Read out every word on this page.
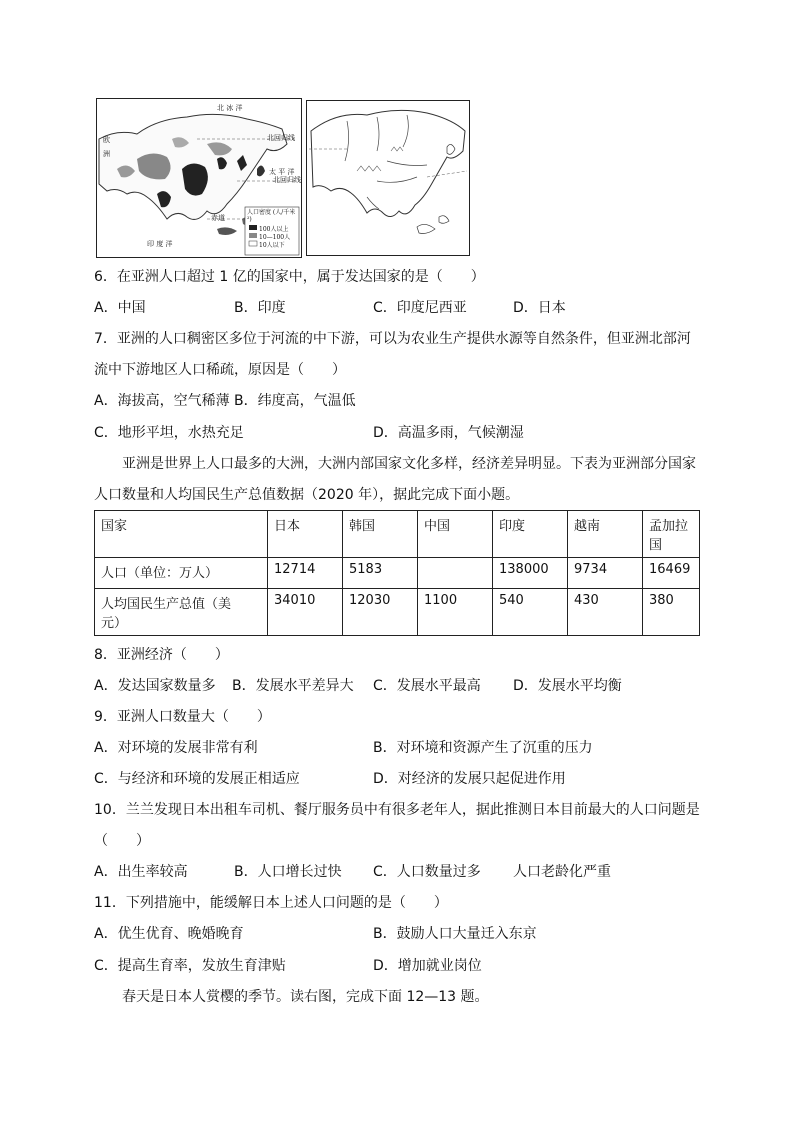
北 冰 洋
欧
洲
太 平 洋
印 度 洋
北回归线
赤道
北回归线
人口密度 (人/千米²)
100人以上
10—100人
10人以下
6．在亚洲人口超过 1 亿的国家中，属于发达国家的是（　　）
A．中国	B．印度	C．印度尼西亚	D．日本
7．亚洲的人口稠密区多位于河流的中下游，可以为农业生产提供水源等自然条件，但亚洲北部河
流中下游地区人口稀疏，原因是（　　）
A．海拔高，空气稀薄 B．纬度高，气温低
C．地形平坦，水热充足	D．高温多雨，气候潮湿
亚洲是世界上人口最多的大洲，大洲内部国家文化多样，经济差异明显。下表为亚洲部分国家
人口数量和人均国民生产总值数据（2020 年），据此完成下面小题。
国家	日本	韩国	中国	印度	越南	孟加拉国
人口（单位：万人）	12714	5183		138000	9734	16469
人均国民生产总值（美
元）	34010	12030	1100	540	430	380
8．亚洲经济（　　）
A．发达国家数量多 B．发展水平差异大 C．发展水平最高 D．发展水平均衡
9．亚洲人口数量大（　　）
A．对环境的发展非常有利	B．对环境和资源产生了沉重的压力
C．与经济和环境的发展正相适应	D．对经济的发展只起促进作用
10．兰兰发现日本出租车司机、餐厅服务员中有很多老年人，据此推测日本目前最大的人口问题是
（　　）
A．出生率较高	B．人口增长过快 C．人口数量过多 人口老龄化严重
11．下列措施中，能缓解日本上述人口问题的是（　　）
A．优生优育、晚婚晚育	B．鼓励人口大量迁入东京
C．提高生育率，发放生育津贴	D．增加就业岗位
春天是日本人赏樱的季节。读右图，完成下面 12—13 题。
